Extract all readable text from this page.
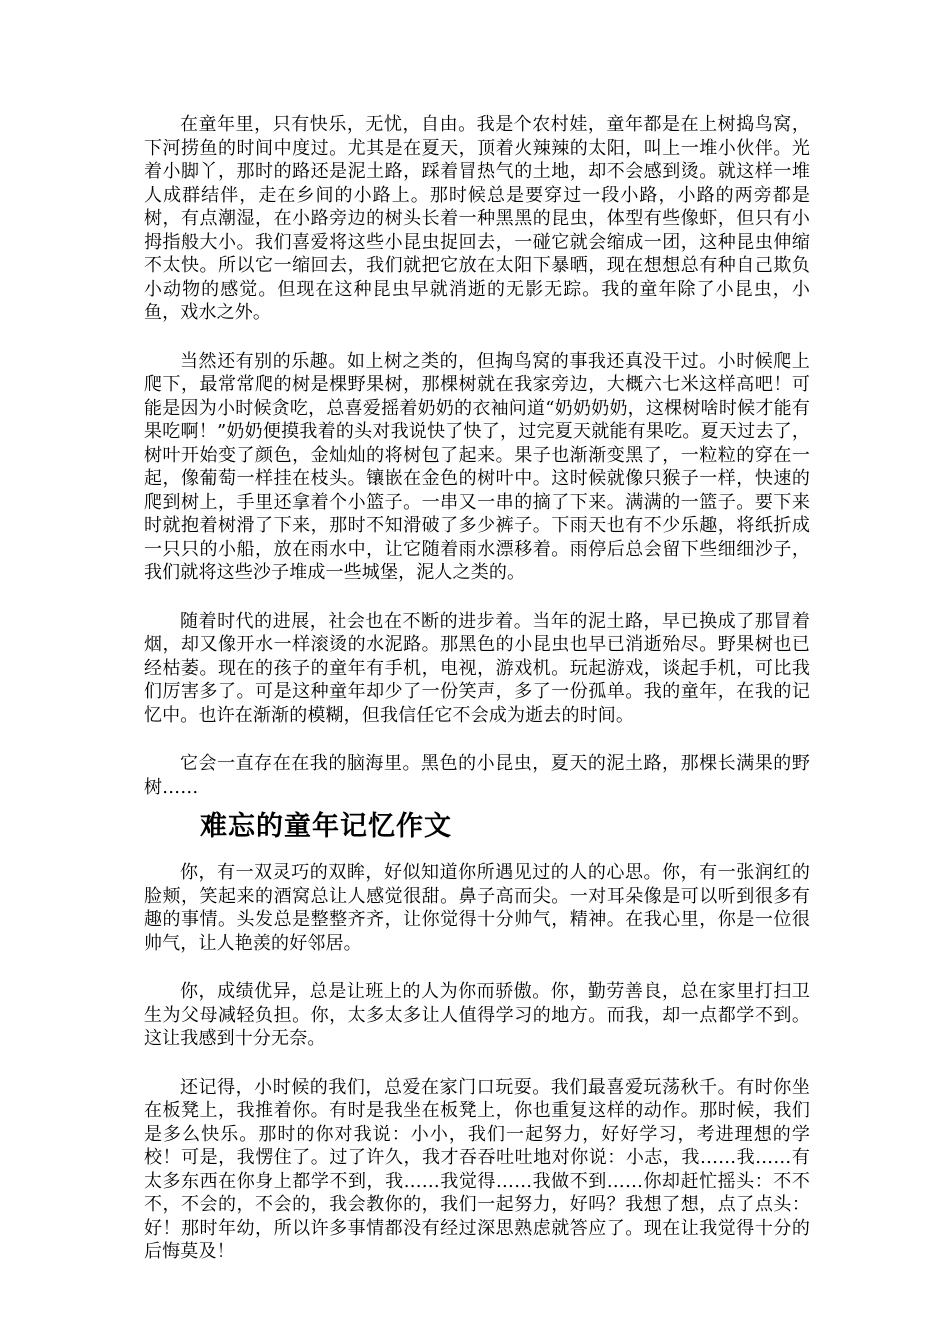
在童年里，只有快乐，无忧，自由。我是个农村娃，童年都是在上树捣鸟窝，下河捞鱼的时间中度过。尤其是在夏天，顶着火辣辣的太阳，叫上一堆小伙伴。光着小脚丫，那时的路还是泥土路，踩着冒热气的土地，却不会感到烫。就这样一堆人成群结伴，走在乡间的小路上。那时候总是要穿过一段小路，小路的两旁都是树，有点潮湿，在小路旁边的树头长着一种黑黑的昆虫，体型有些像虾，但只有小拇指般大小。我们喜爱将这些小昆虫捉回去，一碰它就会缩成一团，这种昆虫伸缩不太快。所以它一缩回去，我们就把它放在太阳下暴晒，现在想想总有种自己欺负小动物的感觉。但现在这种昆虫早就消逝的无影无踪。我的童年除了小昆虫，小鱼，戏水之外。

当然还有别的乐趣。如上树之类的，但掏鸟窝的事我还真没干过。小时候爬上爬下，最常常爬的树是棵野果树，那棵树就在我家旁边，大概六七米这样高吧！可能是因为小时候贪吃，总喜爱摇着奶奶的衣袖问道“奶奶奶奶，这棵树啥时候才能有果吃啊！”奶奶便摸我着的头对我说快了快了，过完夏天就能有果吃。夏天过去了，树叶开始变了颜色，金灿灿的将树包了起来。果子也渐渐变黑了，一粒粒的穿在一起，像葡萄一样挂在枝头。镶嵌在金色的树叶中。这时候就像只猴子一样，快速的爬到树上，手里还拿着个小篮子。一串又一串的摘了下来。满满的一篮子。要下来时就抱着树滑了下来，那时不知滑破了多少裤子。下雨天也有不少乐趣，将纸折成一只只的小船，放在雨水中，让它随着雨水漂移着。雨停后总会留下些细细沙子，我们就将这些沙子堆成一些城堡，泥人之类的。

随着时代的进展，社会也在不断的进步着。当年的泥土路，早已换成了那冒着烟，却又像开水一样滚烫的水泥路。那黑色的小昆虫也早已消逝殆尽。野果树也已经枯萎。现在的孩子的童年有手机，电视，游戏机。玩起游戏，谈起手机，可比我们厉害多了。可是这种童年却少了一份笑声，多了一份孤单。我的童年，在我的记忆中。也许在渐渐的模糊，但我信任它不会成为逝去的时间。

它会一直存在在我的脑海里。黑色的小昆虫，夏天的泥土路，那棵长满果的野树……

难忘的童年记忆作文

你，有一双灵巧的双眸，好似知道你所遇见过的人的心思。你，有一张润红的脸颊，笑起来的酒窝总让人感觉很甜。鼻子高而尖。一对耳朵像是可以听到很多有趣的事情。头发总是整整齐齐，让你觉得十分帅气，精神。在我心里，你是一位很帅气，让人艳羡的好邻居。

你，成绩优异，总是让班上的人为你而骄傲。你，勤劳善良，总在家里打扫卫生为父母减轻负担。你，太多太多让人值得学习的地方。而我，却一点都学不到。这让我感到十分无奈。

还记得，小时候的我们，总爱在家门口玩耍。我们最喜爱玩荡秋千。有时你坐在板凳上，我推着你。有时是我坐在板凳上，你也重复这样的动作。那时候，我们是多么快乐。那时的你对我说：小小，我们一起努力，好好学习，考进理想的学校！可是，我愣住了。过了许久，我才吞吞吐吐地对你说：小志，我……我……有太多东西在你身上都学不到，我……我觉得……我做不到……你却赶忙摇头：不不不，不会的，不会的，我会教你的，我们一起努力，好吗？我想了想，点了点头：好！那时年幼，所以许多事情都没有经过深思熟虑就答应了。现在让我觉得十分的后悔莫及！
